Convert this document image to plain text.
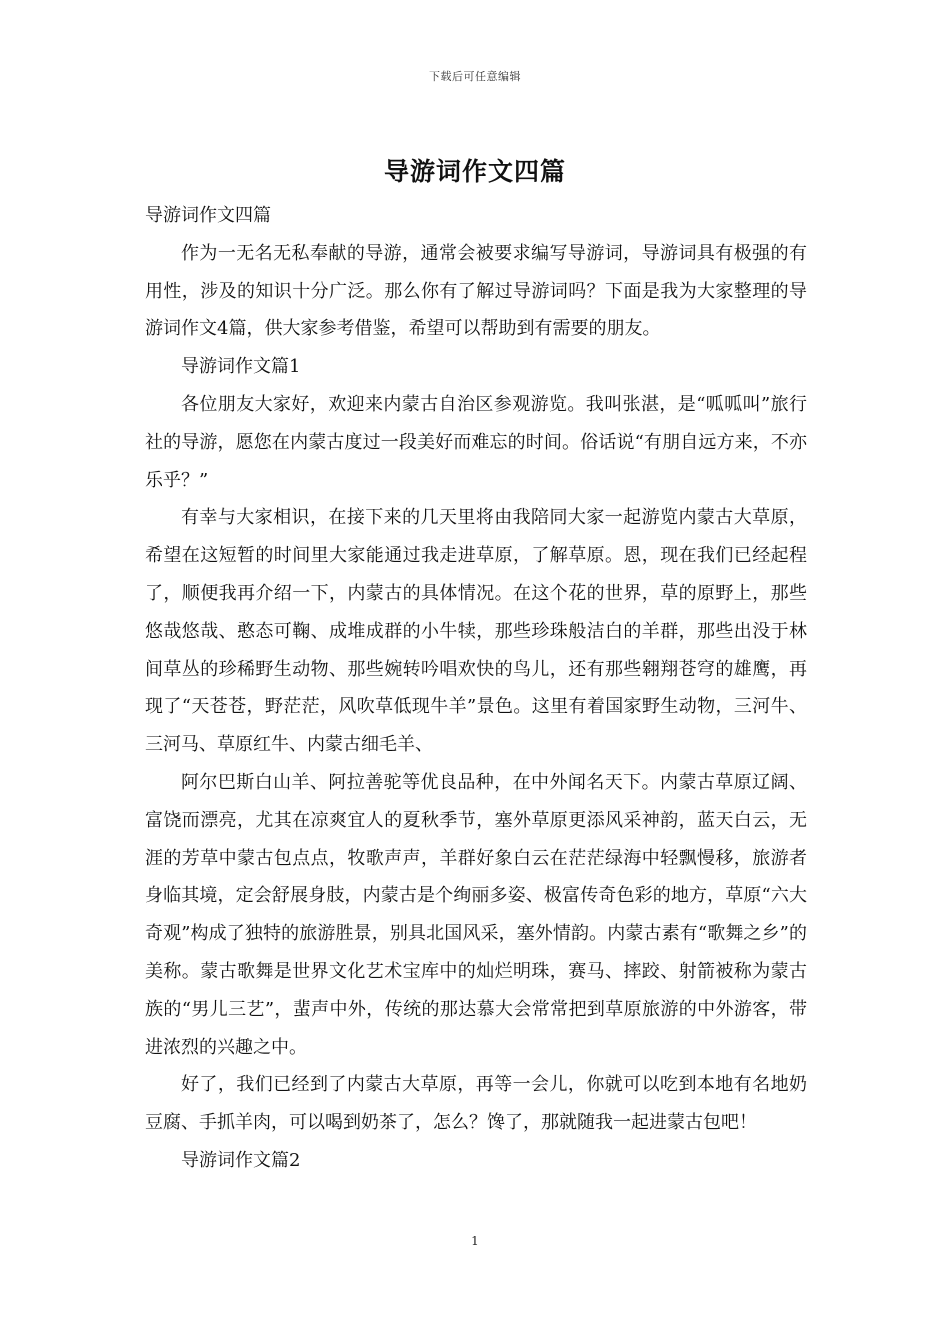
下载后可任意编辑
导游词作文四篇

导游词作文四篇

作为一无名无私奉献的导游，通常会被要求编写导游词，导游词具有极强的有用性，涉及的知识十分广泛。那么你有了解过导游词吗？下面是我为大家整理的导游词作文4篇，供大家参考借鉴，希望可以帮助到有需要的朋友。

导游词作文篇1

各位朋友大家好，欢迎来内蒙古自治区参观游览。我叫张湛，是“呱呱叫”旅行社的导游，愿您在内蒙古度过一段美好而难忘的时间。俗话说“有朋自远方来，不亦乐乎？”

有幸与大家相识，在接下来的几天里将由我陪同大家一起游览内蒙古大草原，希望在这短暂的时间里大家能通过我走进草原，了解草原。恩，现在我们已经起程了，顺便我再介绍一下，内蒙古的具体情况。在这个花的世界，草的原野上，那些悠哉悠哉、憨态可鞠、成堆成群的小牛犊，那些珍珠般洁白的羊群，那些出没于林间草丛的珍稀野生动物、那些婉转吟唱欢快的鸟儿，还有那些翱翔苍穹的雄鹰，再现了“天苍苍，野茫茫，风吹草低现牛羊”景色。这里有着国家野生动物，三河牛、三河马、草原红牛、内蒙古细毛羊、

阿尔巴斯白山羊、阿拉善驼等优良品种，在中外闻名天下。内蒙古草原辽阔、富饶而漂亮，尤其在凉爽宜人的夏秋季节，塞外草原更添风采神韵，蓝天白云，无涯的芳草中蒙古包点点，牧歌声声，羊群好象白云在茫茫绿海中轻飘慢移，旅游者身临其境，定会舒展身肢，内蒙古是个绚丽多姿、极富传奇色彩的地方，草原“六大奇观”构成了独特的旅游胜景，别具北国风采，塞外情韵。内蒙古素有“歌舞之乡”的美称。蒙古歌舞是世界文化艺术宝库中的灿烂明珠，赛马、摔跤、射箭被称为蒙古族的“男儿三艺”，蜚声中外，传统的那达慕大会常常把到草原旅游的中外游客，带进浓烈的兴趣之中。

好了，我们已经到了内蒙古大草原，再等一会儿，你就可以吃到本地有名地奶豆腐、手抓羊肉，可以喝到奶茶了，怎么？馋了，那就随我一起进蒙古包吧！

导游词作文篇2

1
